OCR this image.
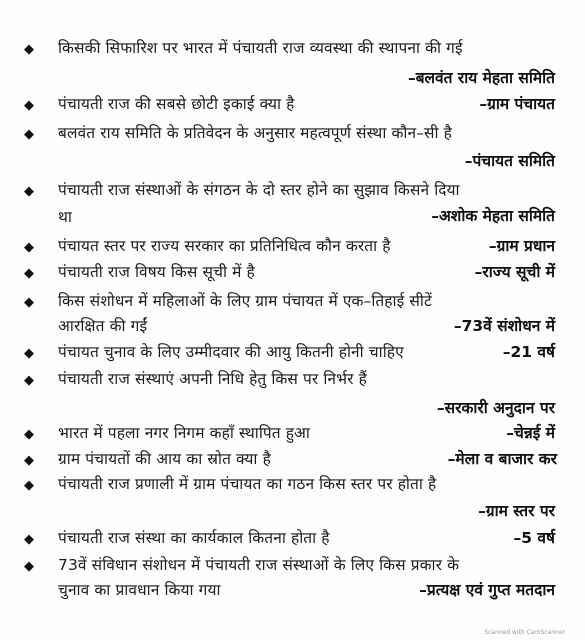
◆ किसकी सिफारिश पर भारत में पंचायती राज व्यवस्था की स्थापना की गई
–बलवंत राय मेहता समिति
◆ पंचायती राज की सबसे छोटी इकाई क्या है	–ग्राम पंचायत
◆ बलवंत राय समिति के प्रतिवेदन के अनुसार महत्वपूर्ण संस्था कौन–सी है
–पंचायत समिति
◆ पंचायती राज संस्थाओं के संगठन के दो स्तर होने का सुझाव किसने दिया
था	–अशोक मेहता समिति
◆ पंचायत स्तर पर राज्य सरकार का प्रतिनिधित्व कौन करता है	–ग्राम प्रधान
◆ पंचायती राज विषय किस सूची में है	–राज्य सूची में
◆ किस संशोधन में महिलाओं के लिए ग्राम पंचायत में एक–तिहाई सीटें
आरक्षित की गईं	–73वें संशोधन में
◆ पंचायत चुनाव के लिए उम्मीदवार की आयु कितनी होनी चाहिए	–21 वर्ष
◆ पंचायती राज संस्थाएं अपनी निधि हेतु किस पर निर्भर हैं
–सरकारी अनुदान पर
◆ भारत में पहला नगर निगम कहाँ स्थापित हुआ	–चेन्नई में
◆ ग्राम पंचायतों की आय का स्रोत क्या है	–मेला व बाजार कर
◆ पंचायती राज प्रणाली में ग्राम पंचायत का गठन किस स्तर पर होता है
–ग्राम स्तर पर
◆ पंचायती राज संस्था का कार्यकाल कितना होता है	–5 वर्ष
◆ 73वें संविधान संशोधन में पंचायती राज संस्थाओं के लिए किस प्रकार के
चुनाव का प्रावधान किया गया	–प्रत्यक्ष एवं गुप्त मतदान
Scanned with CamScanner
